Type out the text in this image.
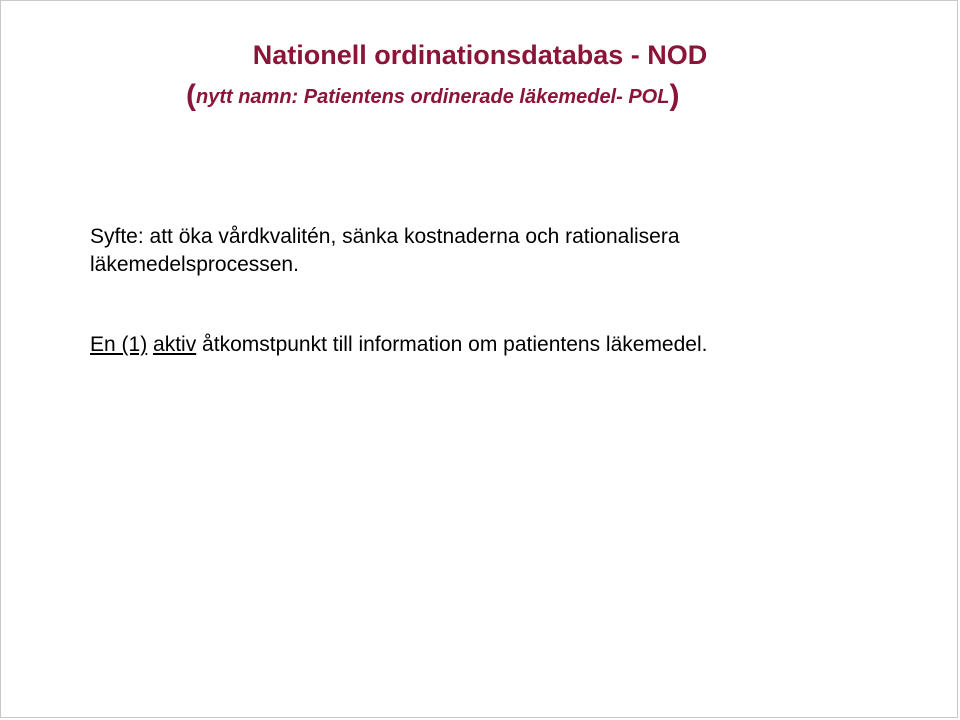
Nationell ordinationsdatabas - NOD
(nytt namn: Patientens ordinerade läkemedel- POL)

Syfte: att öka vårdkvalitén, sänka kostnaderna och rationalisera
läkemedelsprocessen.

En (1) aktiv åtkomstpunkt till information om patientens läkemedel.
